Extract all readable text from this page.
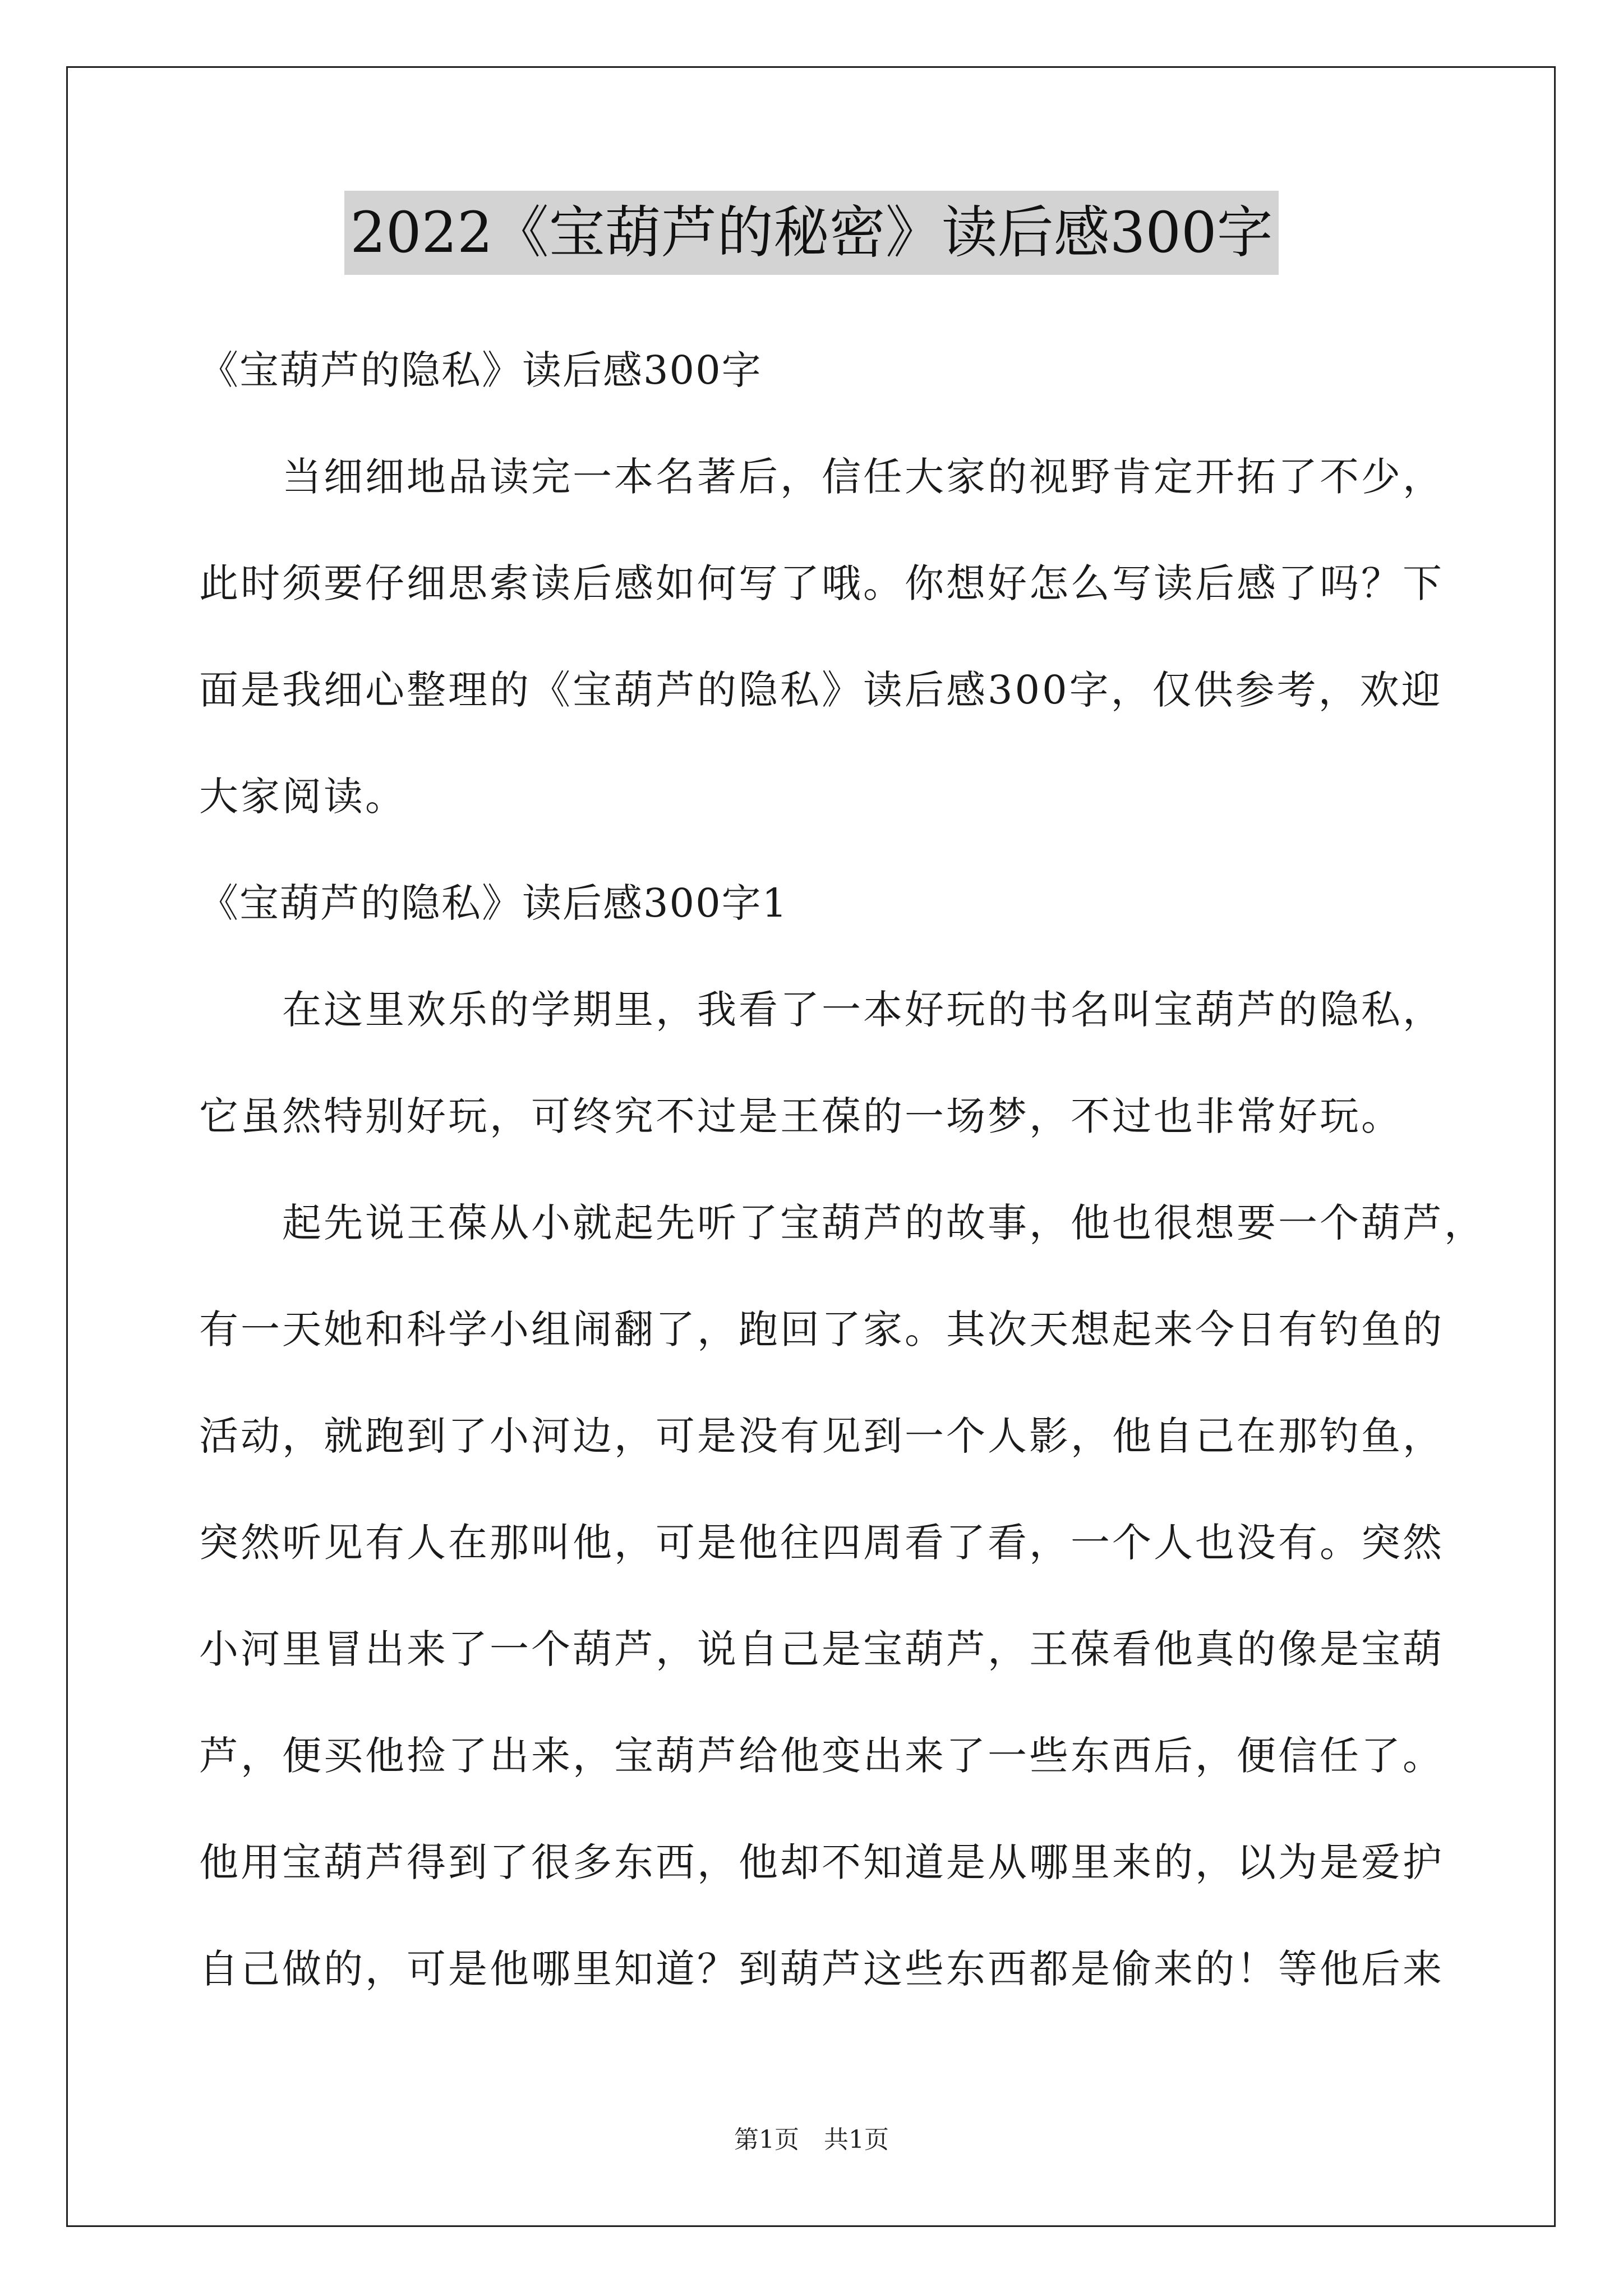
2022《宝葫芦的秘密》读后感300字
《宝葫芦的隐私》读后感300字
当细细地品读完一本名著后，信任大家的视野肯定开拓了不少，
此时须要仔细思索读后感如何写了哦。你想好怎么写读后感了吗？下
面是我细心整理的《宝葫芦的隐私》读后感300字，仅供参考，欢迎
大家阅读。
《宝葫芦的隐私》读后感300字1
在这里欢乐的学期里，我看了一本好玩的书名叫宝葫芦的隐私，
它虽然特别好玩，可终究不过是王葆的一场梦，不过也非常好玩。
起先说王葆从小就起先听了宝葫芦的故事，他也很想要一个葫芦，
有一天她和科学小组闹翻了，跑回了家。其次天想起来今日有钓鱼的
活动，就跑到了小河边，可是没有见到一个人影，他自己在那钓鱼，
突然听见有人在那叫他，可是他往四周看了看，一个人也没有。突然
小河里冒出来了一个葫芦，说自己是宝葫芦，王葆看他真的像是宝葫
芦，便买他捡了出来，宝葫芦给他变出来了一些东西后，便信任了。
他用宝葫芦得到了很多东西，他却不知道是从哪里来的，以为是爱护
自己做的，可是他哪里知道？到葫芦这些东西都是偷来的！等他后来
第1页 共1页
